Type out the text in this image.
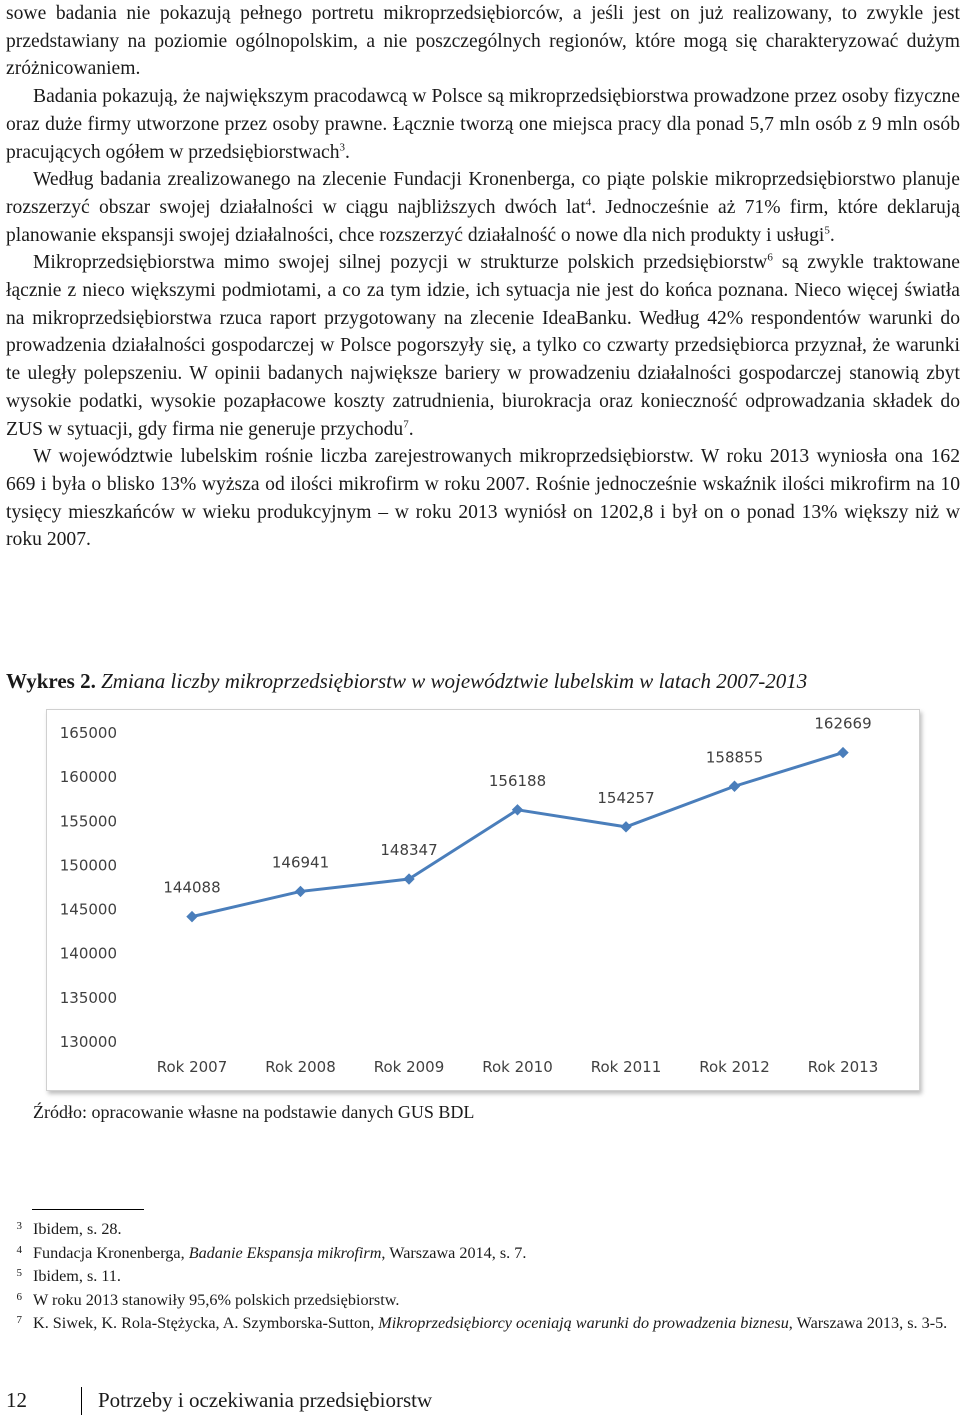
sowe badania nie pokazują pełnego portretu mikroprzedsiębiorców, a jeśli jest on już realizowany, to zwykle jest przedstawiany na poziomie ogólnopolskim, a nie poszczególnych regionów, które mogą się charakteryzować dużym zróżnicowaniem.

Badania pokazują, że największym pracodawcą w Polsce są mikroprzedsiębiorstwa prowadzone przez osoby fizyczne oraz duże firmy utworzone przez osoby prawne. Łącznie tworzą one miejsca pracy dla ponad 5,7 mln osób z 9 mln osób pracujących ogółem w przedsiębiorstwach$^3$.

Według badania zrealizowanego na zlecenie Fundacji Kronenberga, co piąte polskie mikroprzedsiębiorstwo planuje rozszerzyć obszar swojej działalności w ciągu najbliższych dwóch lat$^4$. Jednocześnie aż 71% firm, które deklarują planowanie ekspansji swojej działalności, chce rozszerzyć działalność o nowe dla nich produkty i usługi$^5$.

Mikroprzedsiębiorstwa mimo swojej silnej pozycji w strukturze polskich przedsiębiorstw$^6$ są zwykle traktowane łącznie z nieco większymi podmiotami, a co za tym idzie, ich sytuacja nie jest do końca poznana. Nieco więcej światła na mikroprzedsiębiorstwa rzuca raport przygotowany na zlecenie IdeaBanku. Według 42% respondentów warunki do prowadzenia działalności gospodarczej w Polsce pogorszyły się, a tylko co czwarty przedsiębiorca przyznał, że warunki te uległy polepszeniu. W opinii badanych największe bariery w prowadzeniu działalności gospodarczej stanowią zbyt wysokie podatki, wysokie pozapłacowe koszty zatrudnienia, biurokracja oraz konieczność odprowadzania składek do ZUS w sytuacji, gdy firma nie generuje przychodu$^7$.

W województwie lubelskim rośnie liczba zarejestrowanych mikroprzedsiębiorstw. W roku 2013 wyniosła ona 162 669 i była o blisko 13% wyższa od ilości mikrofirm w roku 2007. Rośnie jednocześnie wskaźnik ilości mikrofirm na 10 tysięcy mieszkańców w wieku produkcyjnym – w roku 2013 wyniósł on 1202,8 i był on o ponad 13% większy niż w roku 2007.

Wykres 2. Zmiana liczby mikroprzedsiębiorstw w województwie lubelskim w latach 2007-2013
130000
135000
140000
145000
150000
155000
160000
165000
Rok 2007	Rok 2008	Rok 2009	Rok 2010	Rok 2011	Rok 2012	Rok 2013
144088
146941
148347
156188
154257
158855
162669
Źródło: opracowanie własne na podstawie danych GUS BDL
3 Ibidem, s. 28.
4 Fundacja Kronenberga, Badanie Ekspansja mikrofirm, Warszawa 2014, s. 7.
5 Ibidem, s. 11.
6 W roku 2013 stanowiły 95,6% polskich przedsiębiorstw.
7 K. Siwek, K. Rola-Stężycka, A. Szymborska-Sutton, Mikroprzedsiębiorcy oceniają warunki do prowadzenia biznesu, Warszawa 2013, s. 3-5.
12	Potrzeby i oczekiwania przedsiębiorstw
